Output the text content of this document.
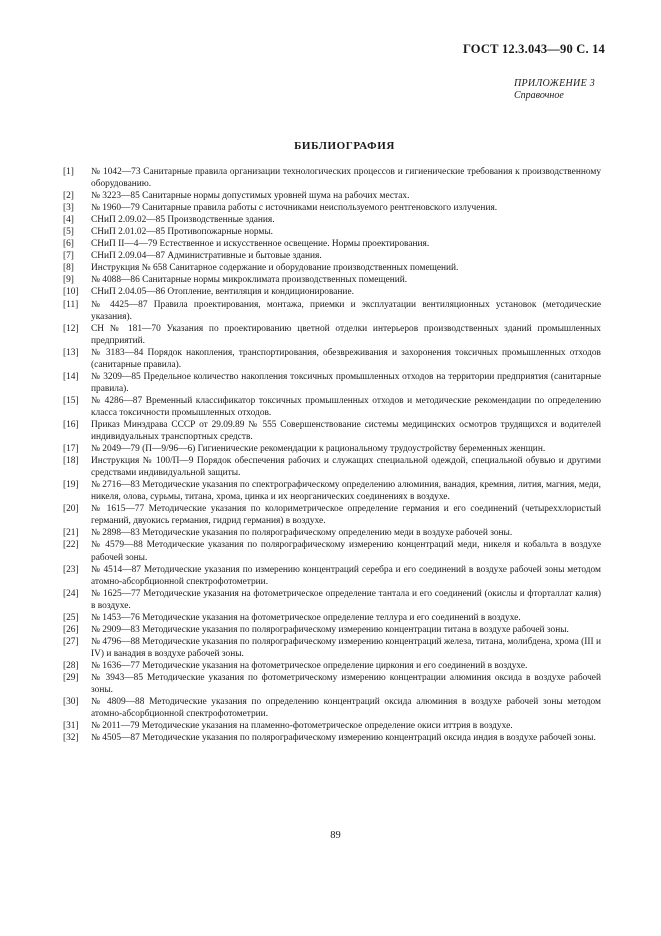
ГОСТ 12.3.043—90 С. 14
ПРИЛОЖЕНИЕ 3
Справочное
БИБЛИОГРАФИЯ
[1]	№ 1042—73 Санитарные правила организации технологических процессов и гигиенические требования к производственному оборудованию.
[2]	№ 3223—85 Санитарные нормы допустимых уровней шума на рабочих местах.
[3]	№ 1960—79 Санитарные правила работы с источниками неиспользуемого рентгеновского излучения.
[4]	СНиП 2.09.02—85 Производственные здания.
[5]	СНиП 2.01.02—85 Противопожарные нормы.
[6]	СНиП II—4—79 Естественное и искусственное освещение. Нормы проектирования.
[7]	СНиП 2.09.04—87 Административные и бытовые здания.
[8]	Инструкция № 658 Санитарное содержание и оборудование производственных помещений.
[9]	№ 4088—86 Санитарные нормы микроклимата производственных помещений.
[10]	СНиП 2.04.05—86 Отопление, вентиляция и кондиционирование.
[11]	№ 4425—87 Правила проектирования, монтажа, приемки и эксплуатации вентиляционных установок (методические указания).
[12]	СН № 181—70 Указания по проектированию цветной отделки интерьеров производственных зданий промышленных предприятий.
[13]	№ 3183—84 Порядок накопления, транспортирования, обезвреживания и захоронения токсичных промышленных отходов (санитарные правила).
[14]	№ 3209—85 Предельное количество накопления токсичных промышленных отходов на территории предприятия (санитарные правила).
[15]	№ 4286—87 Временный классификатор токсичных промышленных отходов и методические рекомендации по определению класса токсичности промышленных отходов.
[16]	Приказ Минздрава СССР от 29.09.89 № 555 Совершенствование системы медицинских осмотров трудящихся и водителей индивидуальных транспортных средств.
[17]	№ 2049—79 (П—9/96—6) Гигиенические рекомендации к рациональному трудоустройству беременных женщин.
[18]	Инструкция № 100/П—9 Порядок обеспечения рабочих и служащих специальной одеждой, специальной обувью и другими средствами индивидуальной защиты.
[19]	№ 2716—83 Методические указания по спектрографическому определению алюминия, ванадия, кремния, лития, магния, меди, никеля, олова, сурьмы, титана, хрома, цинка и их неорганических соединениях в воздухе.
[20]	№ 1615—77 Методические указания по колориметрическое определение германия и его соединений (четыреххлористый германий, двуокись германия, гидрид германия) в воздухе.
[21]	№ 2898—83 Методические указания по полярографическому определению меди в воздухе рабочей зоны.
[22]	№ 4579—88 Методические указания по полярографическому измерению концентраций меди, никеля и кобальта в воздухе рабочей зоны.
[23]	№ 4514—87 Методические указания по измерению концентраций серебра и его соединений в воздухе рабочей зоны методом атомно-абсорбционной спектрофотометрии.
[24]	№ 1625—77 Методические указания на фотометрическое определение тантала и его соединений (окислы и фторталлат калия) в воздухе.
[25]	№ 1453—76 Методические указания на фотометрическое определение теллура и его соединений в воздухе.
[26]	№ 2909—83 Методические указания по полярографическому измерению концентрации титана в воздухе рабочей зоны.
[27]	№ 4796—88 Методические указания по полярографическому измерению концентраций железа, титана, молибдена, хрома (III и IV) и ванадия в воздухе рабочей зоны.
[28]	№ 1636—77 Методические указания на фотометрическое определение циркония и его соединений в воздухе.
[29]	№ 3943—85 Методические указания по фотометрическому измерению концентрации алюминия оксида в воздухе рабочей зоны.
[30]	№ 4809—88 Методические указания по определению концентраций оксида алюминия в воздухе рабочей зоны методом атомно-абсорбционной спектрофотометрии.
[31]	№ 2011—79 Методические указания на пламенно-фотометрическое определение окиси иттрия в воздухе.
[32]	№ 4505—87 Методические указания по полярографическому измерению концентраций оксида индия в воздухе рабочей зоны.
89
